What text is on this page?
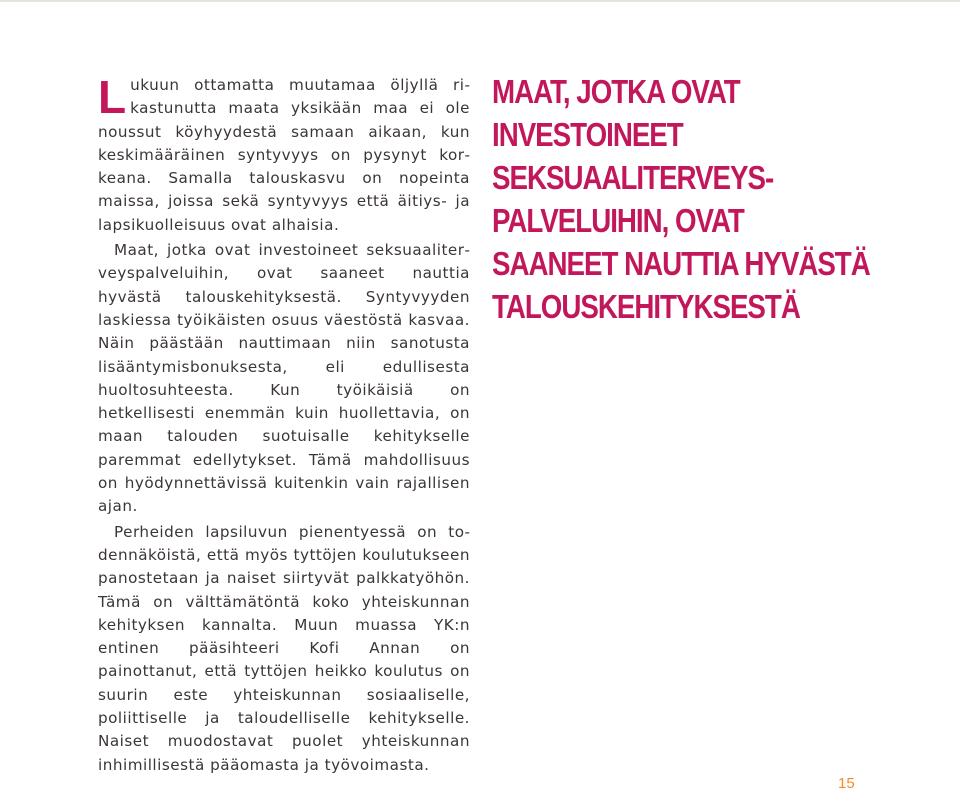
Lukuun ottamatta muutamaa öljyllä rikastunutta maata yksikään maa ei ole noussut köyhyydestä samaan aikaan, kun keskimääräinen syntyvyys on pysynyt korkeana. Samalla talouskasvu on nopeinta maissa, joissa sekä syntyvyys että äitiys- ja lapsikuolleisuus ovat alhaisia.

Maat, jotka ovat investoineet seksuaaliterveyspalveluihin, ovat saaneet nauttia hyvästä talouskehityksestä. Syntyvyyden laskiessa työikäisten osuus väestöstä kasvaa. Näin päästään nauttimaan niin sanotusta lisääntymisbonuksesta, eli edullisesta huoltosuhteesta. Kun työikäisiä on hetkellisesti enemmän kuin huollettavia, on maan talouden suotuisalle kehitykselle paremmat edellytykset. Tämä mahdollisuus on hyödynnettävissä kuitenkin vain rajallisen ajan.

Perheiden lapsiluvun pienentyessä on todennäköistä, että myös tyttöjen koulutukseen panostetaan ja naiset siirtyvät palkkatyöhön. Tämä on välttämätöntä koko yhteiskunnan kehityksen kannalta. Muun muassa YK:n entinen pääsihteeri Kofi Annan on painottanut, että tyttöjen heikko koulutus on suurin este yhteiskunnan sosiaaliselle, poliittiselle ja taloudelliselle kehitykselle. Naiset muodostavat puolet yhteiskunnan inhimillisestä pääomasta ja työvoimasta.

MAAT, JOTKA OVAT
INVESTOINEET
SEKSUAALITERVEYS-
PALVELUIHIN, OVAT
SAANEET NAUTTIA HYVÄSTÄ
TALOUSKEHITYKSESTÄ
15
